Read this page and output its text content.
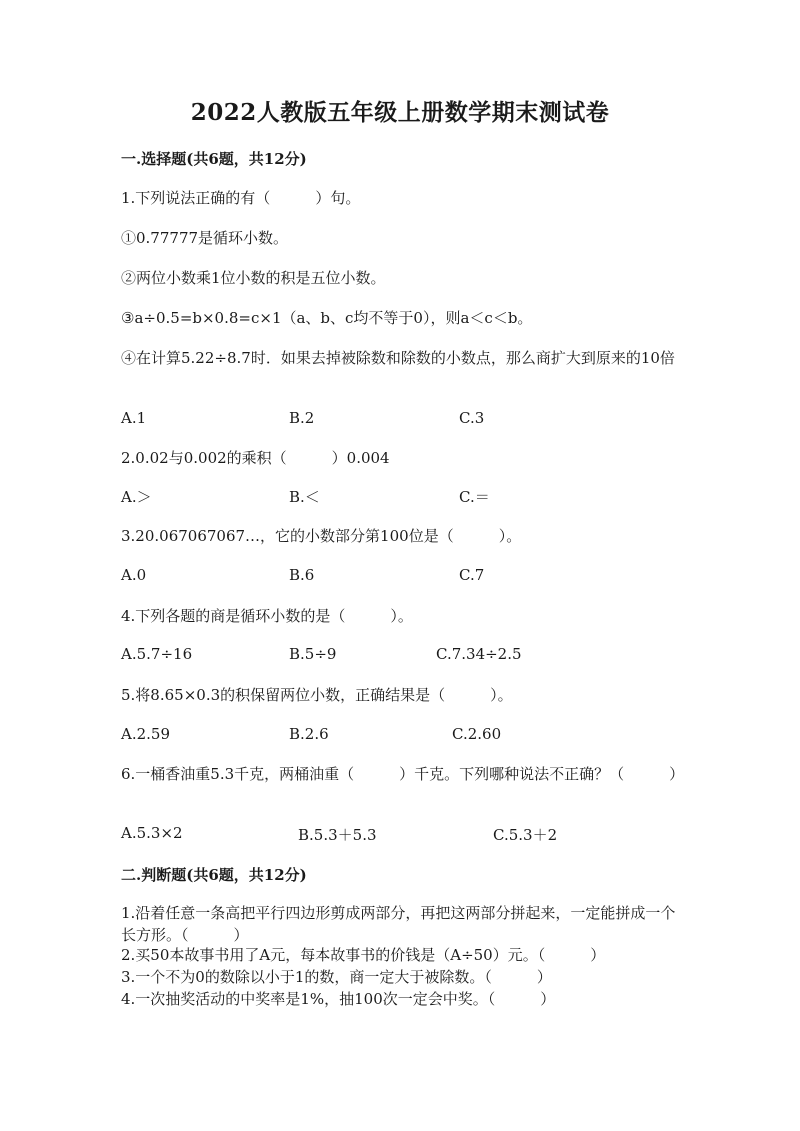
2022人教版五年级上册数学期末测试卷
一.选择题(共6题，共12分)
1.下列说法正确的有（　　　）句。
①0.77777是循环小数。
②两位小数乘1位小数的积是五位小数。
③a÷0.5=b×0.8=c×1（a、b、c均不等于0），则a＜c＜b。
④在计算5.22÷8.7时．如果去掉被除数和除数的小数点，那么商扩大到原来的10倍
A.1	B.2	C.3
2.0.02与0.002的乘积（　　　）0.004
A.＞	B.＜	C.＝
3.20.067067067…，它的小数部分第100位是（　　　）。
A.0	B.6	C.7
4.下列各题的商是循环小数的是（　　　）。
A.5.7÷16	B.5÷9	C.7.34÷2.5
5.将8.65×0.3的积保留两位小数，正确结果是（　　　）。
A.2.59	B.2.6	C.2.60
6.一桶香油重5.3千克，两桶油重（　　　）千克。下列哪种说法不正确？（　　　）
A.5.3×2	B.5.3＋5.3	C.5.3＋2
二.判断题(共6题，共12分)
1.沿着任意一条高把平行四边形剪成两部分，再把这两部分拼起来，一定能拼成一个长方形。（　　　）
2.买50本故事书用了A元，每本故事书的价钱是（A÷50）元。（　　　）
3.一个不为0的数除以小于1的数，商一定大于被除数。（　　　）
4.一次抽奖活动的中奖率是1%，抽100次一定会中奖。（　　　）
